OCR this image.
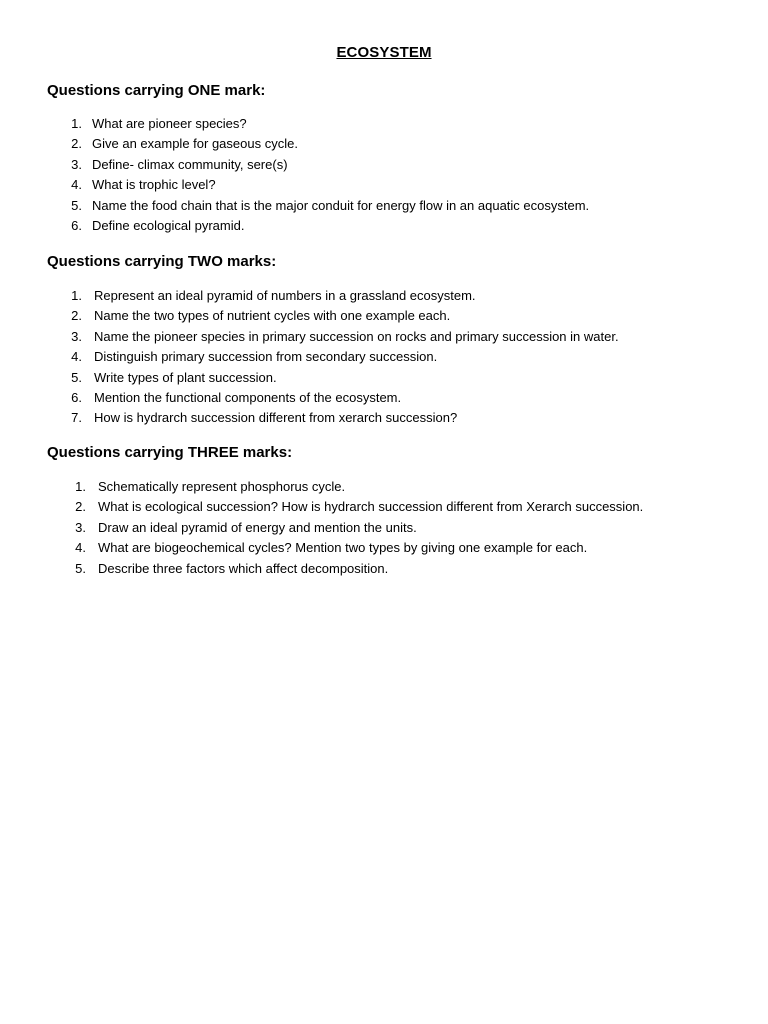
ECOSYSTEM
Questions carrying ONE mark:
1. What are pioneer species?
2. Give an example for gaseous cycle.
3. Define- climax community, sere(s)
4. What is trophic level?
5. Name the food chain that is the major conduit for energy flow in an aquatic ecosystem.
6. Define ecological pyramid.
Questions carrying TWO marks:
1. Represent an ideal pyramid of numbers in a grassland ecosystem.
2. Name the two types of nutrient cycles with one example each.
3. Name the pioneer species in primary succession on rocks and primary succession in water.
4. Distinguish primary succession from secondary succession.
5. Write types of plant succession.
6. Mention the functional components of the ecosystem.
7. How is hydrarch succession different from xerarch succession?
Questions carrying THREE marks:
1. Schematically represent phosphorus cycle.
2. What is ecological succession? How is hydrarch succession different from Xerarch succession.
3. Draw an ideal pyramid of energy and mention the units.
4. What are biogeochemical cycles? Mention two types by giving one example for each.
5. Describe three factors which affect decomposition.
